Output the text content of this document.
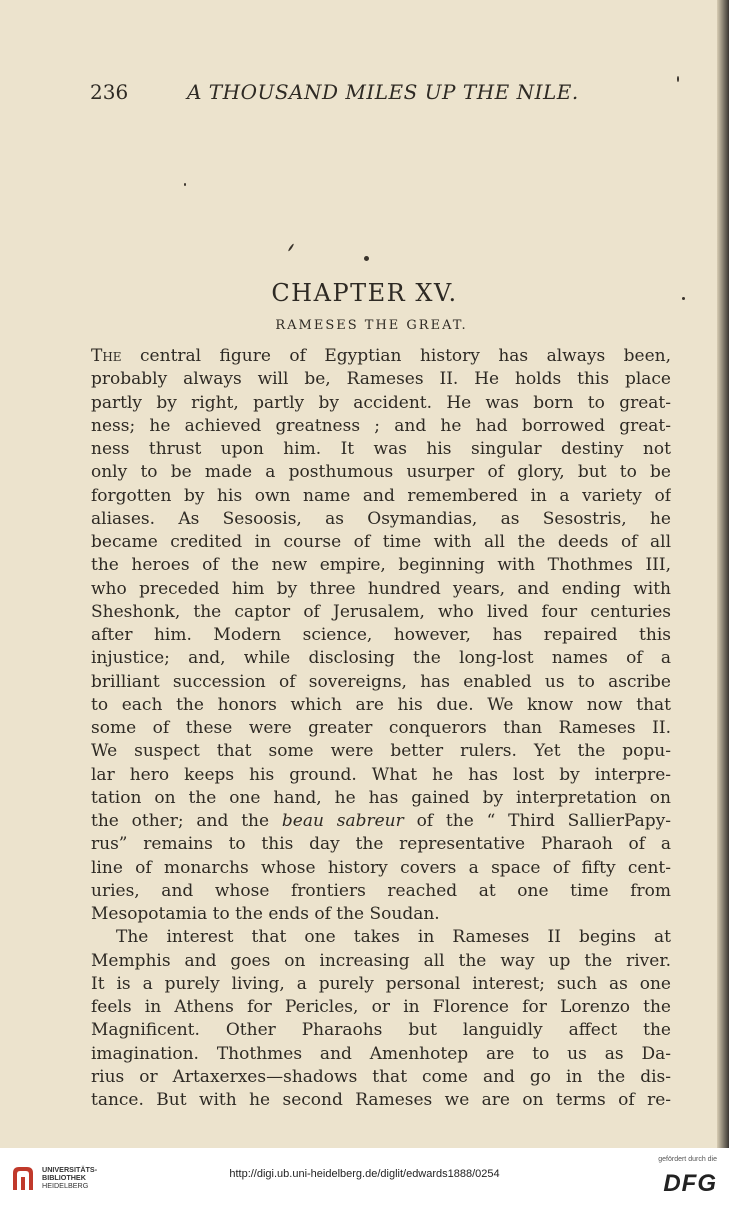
236	A THOUSAND MILES UP THE NILE.
CHAPTER XV.
RAMESES THE GREAT.
The central figure of Egyptian history has always been,
probably always will be, Rameses II. He holds this place
partly by right, partly by accident. He was born to great-
ness; he achieved greatness ; and he had borrowed great-
ness thrust upon him. It was his singular destiny not
only to be made a posthumous usurper of glory, but to be
forgotten by his own name and remembered in a variety of
aliases. As Sesoosis, as Osymandias, as Sesostris, he
became credited in course of time with all the deeds of all
the heroes of the new empire, beginning with Thothmes III,
who preceded him by three hundred years, and ending with
Sheshonk, the captor of Jerusalem, who lived four centuries
after him. Modern science, however, has repaired this
injustice; and, while disclosing the long-lost names of a
brilliant succession of sovereigns, has enabled us to ascribe
to each the honors which are his due. We know now that
some of these were greater conquerors than Rameses II.
We suspect that some were better rulers. Yet the popu-
lar hero keeps his ground. What he has lost by interpre-
tation on the one hand, he has gained by interpretation on
the other; and the beau sabreur of the “ Third SallierPapy-
rus” remains to this day the representative Pharaoh of a
line of monarchs whose history covers a space of fifty cent-
uries, and whose frontiers reached at one time from
Mesopotamia to the ends of the Soudan.
The interest that one takes in Rameses II begins at
Memphis and goes on increasing all the way up the river.
It is a purely living, a purely personal interest; such as one
feels in Athens for Pericles, or in Florence for Lorenzo the
Magnificent. Other Pharaohs but languidly affect the
imagination. Thothmes and Amenhotep are to us as Da-
rius or Artaxerxes—shadows that come and go in the dis-
tance. But with he second Rameses we are on terms of re-
UNIVERSITÄTS-
BIBLIOTHEK
HEIDELBERG
http://digi.ub.uni-heidelberg.de/diglit/edwards1888/0254
gefördert durch die
DFG
